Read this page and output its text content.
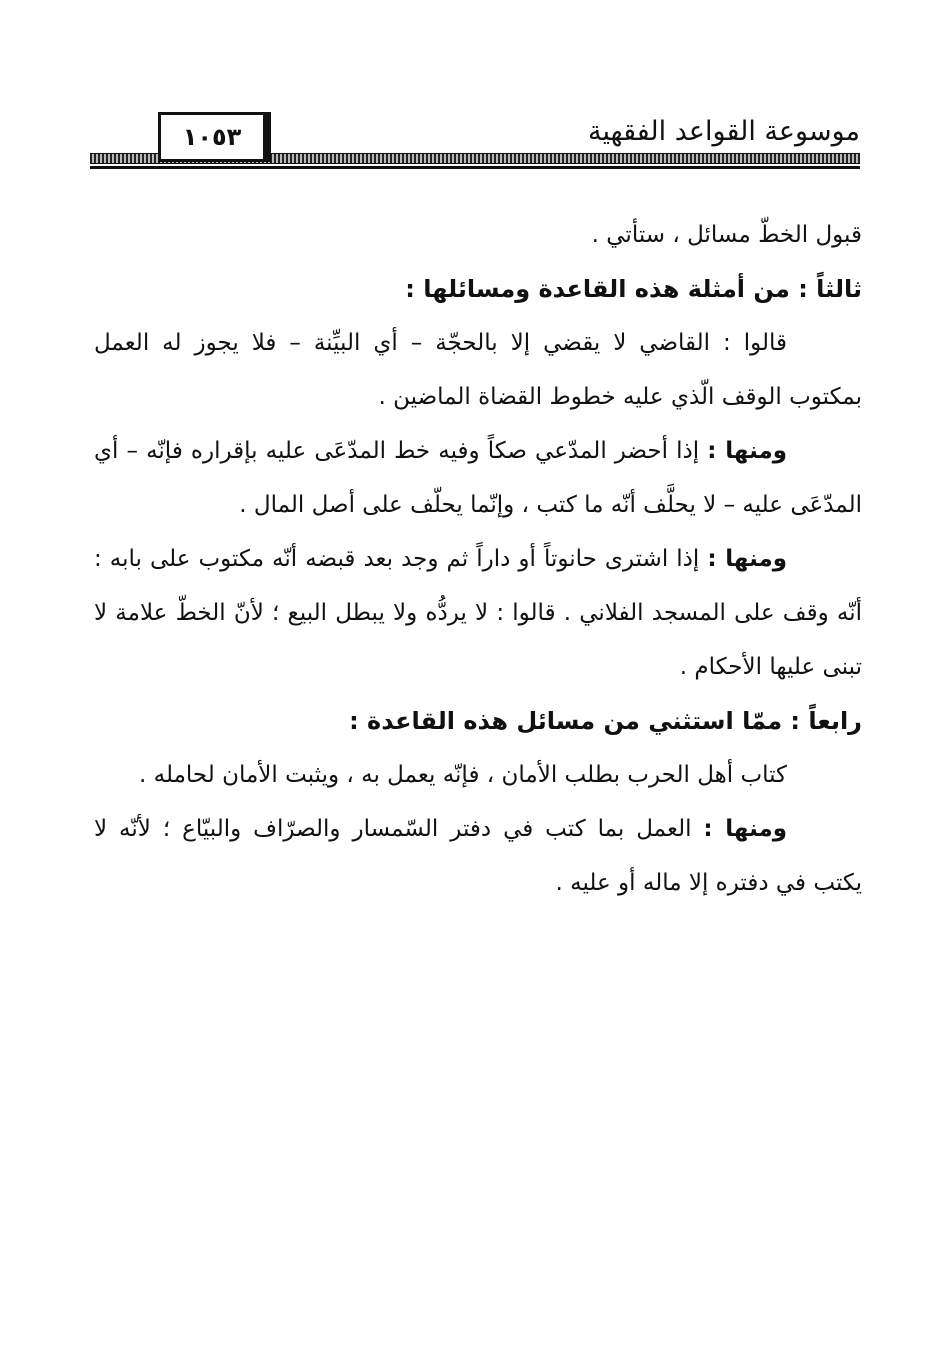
موسوعة القواعد الفقهية
١٠٥٣

قبول الخطّ مسائل ، ستأتي .

ثالثاً : من أمثلة هذه القاعدة ومسائلها :

قالوا : القاضي لا يقضي إلا بالحجّة – أي البيِّنة – فلا يجوز له العمل بمكتوب الوقف الّذي عليه خطوط القضاة الماضين .

ومنها : إذا أحضر المدّعي صكاً وفيه خط المدّعَى عليه بإقراره فإنّه – أي المدّعَى عليه – لا يحلَّف أنّه ما كتب ، وإنّما يحلّف على أصل المال .

ومنها : إذا اشترى حانوتاً أو داراً ثم وجد بعد قبضه أنّه مكتوب على بابه : أنّه وقف على المسجد الفلاني . قالوا : لا يردُّه ولا يبطل البيع ؛ لأنّ الخطّ علامة لا تبنى عليها الأحكام .

رابعاً : ممّا استثني من مسائل هذه القاعدة :

كتاب أهل الحرب بطلب الأمان ، فإنّه يعمل به ، ويثبت الأمان لحامله .

ومنها : العمل بما كتب في دفتر السّمسار والصرّاف والبيّاع ؛ لأنّه لا يكتب في دفتره إلا ماله أو عليه .
